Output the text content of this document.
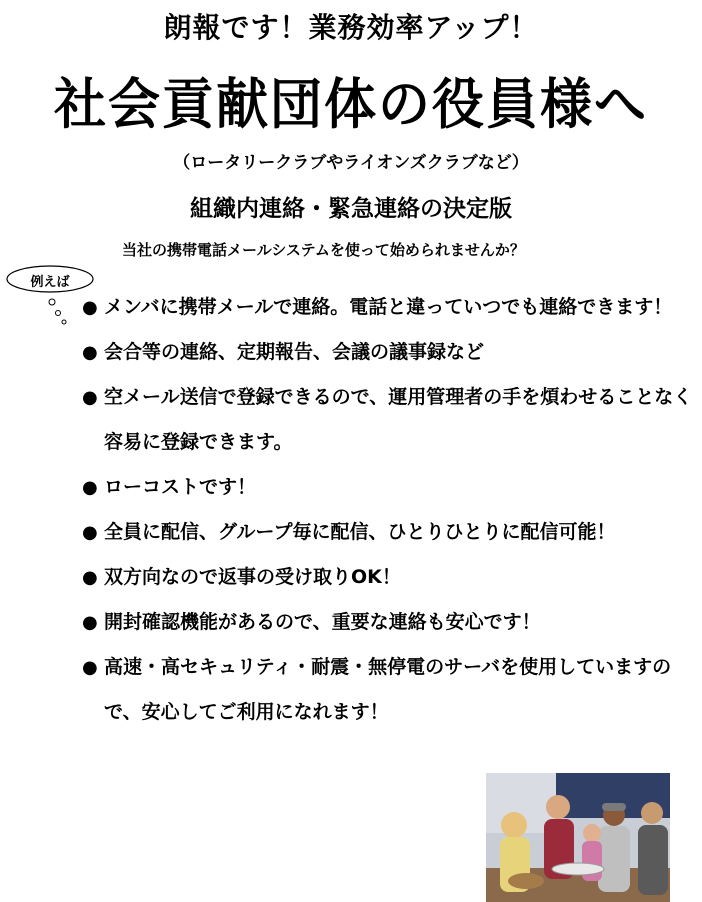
朗報です！業務効率アップ！
社会貢献団体の役員様へ
（ロータリークラブやライオンズクラブなど）
組織内連絡・緊急連絡の決定版
当社の携帯電話メールシステムを使って始められませんか？
例えば
● メンバに携帯メールで連絡。電話と違っていつでも連絡できます！
● 会合等の連絡、定期報告、会議の議事録など
● 空メール送信で登録できるので、運用管理者の手を煩わせることなく容易に登録できます。
● ローコストです！
● 全員に配信、グループ毎に配信、ひとりひとりに配信可能！
● 双方向なので返事の受け取りOK！
● 開封確認機能があるので、重要な連絡も安心です！
● 高速・高セキュリティ・耐震・無停電のサーバを使用していますので、安心してご利用になれます！
